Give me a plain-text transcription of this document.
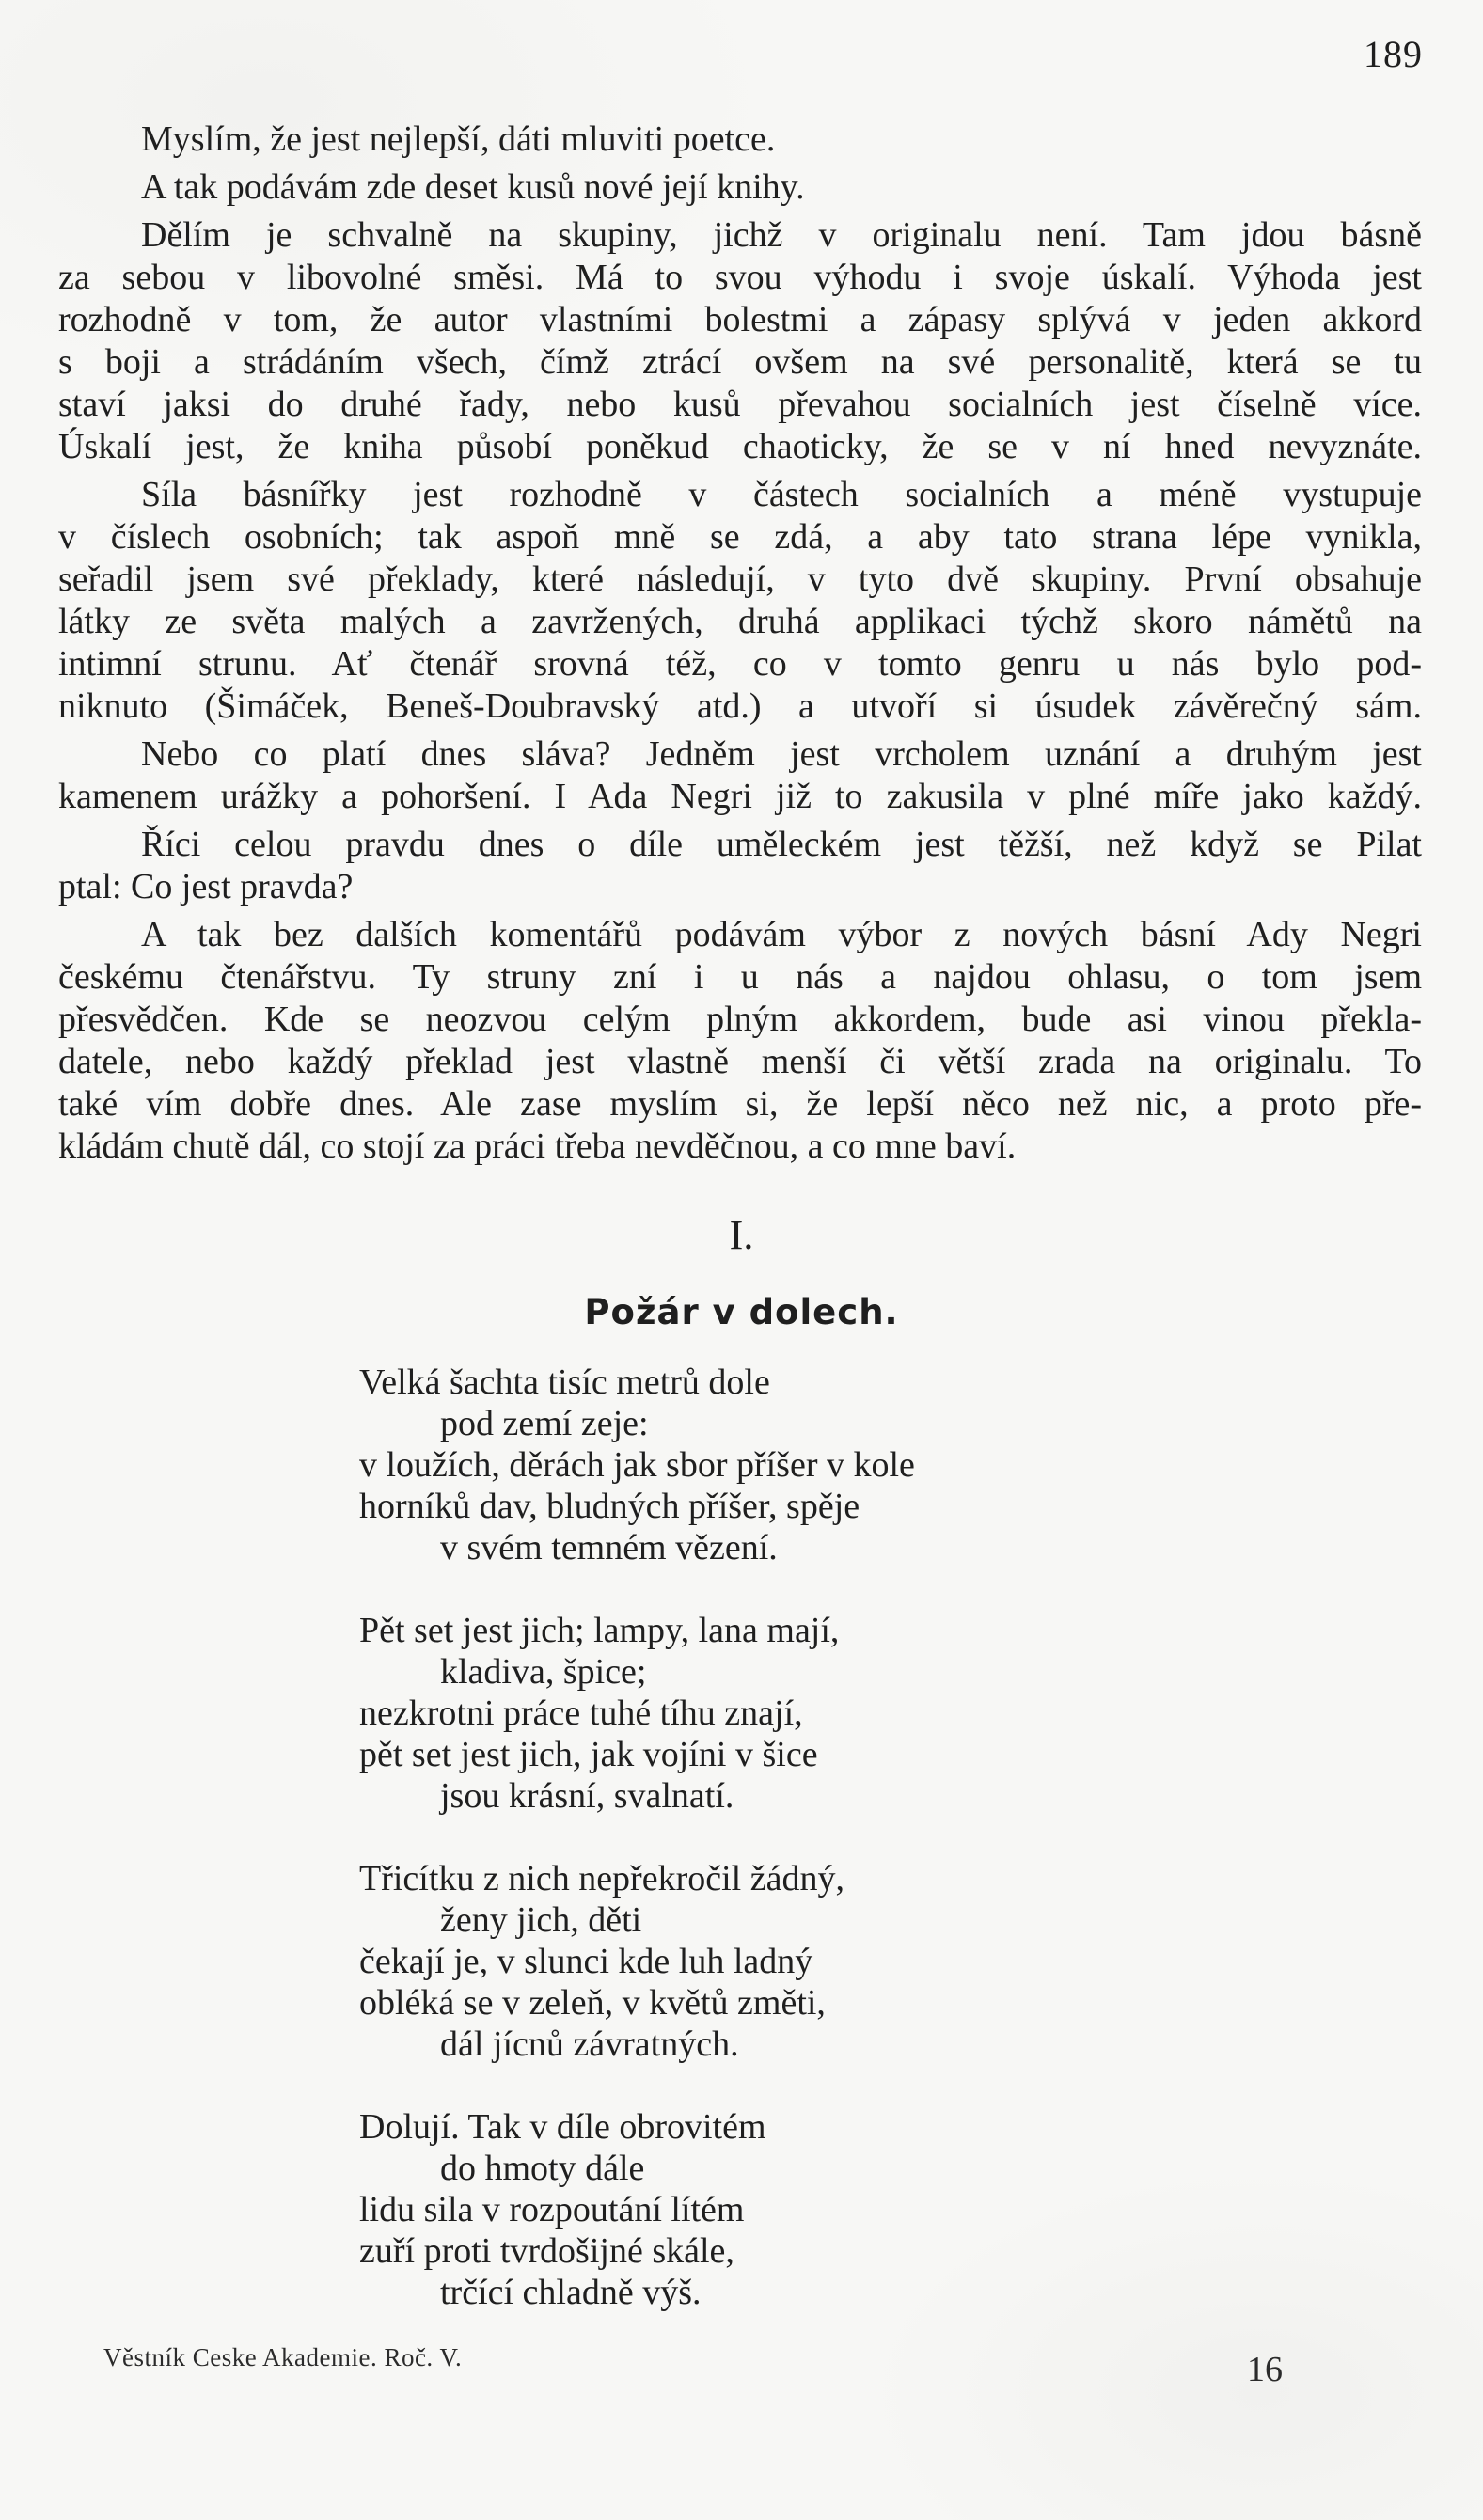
189
Myslím, že jest nejlepší, dáti mluviti poetce.
A tak podávám zde deset kusů nové její knihy.
Dělím je schvalně na skupiny, jichž v originalu není. Tam jdou básně
za sebou v libovolné směsi. Má to svou výhodu i svoje úskalí. Výhoda jest
rozhodně v tom, že autor vlastními bolestmi a zápasy splývá v jeden akkord
s boji a strádáním všech, čímž ztrácí ovšem na své personalitě, která se tu
staví jaksi do druhé řady, nebo kusů převahou socialních jest číselně více.
Úskalí jest, že kniha působí poněkud chaoticky, že se v ní hned nevyznáte.
Síla básnířky jest rozhodně v částech socialních a méně vystupuje
v číslech osobních; tak aspoň mně se zdá, a aby tato strana lépe vynikla,
seřadil jsem své překlady, které následují, v tyto dvě skupiny. První obsahuje
látky ze světa malých a zavržených, druhá applikaci týchž skoro námětů na
intimní strunu. Ať čtenář srovná též, co v tomto genru u nás bylo pod-
niknuto (Šimáček, Beneš-Doubravský atd.) a utvoří si úsudek závěrečný sám.
Nebo co platí dnes sláva? Jedněm jest vrcholem uznání a druhým jest
kamenem urážky a pohoršení. I Ada Negri již to zakusila v plné míře jako každý.
Říci celou pravdu dnes o díle uměleckém jest těžší, než když se Pilat
ptal: Co jest pravda?
A tak bez dalších komentářů podávám výbor z nových básní Ady Negri
českému čtenářstvu. Ty struny zní i u nás a najdou ohlasu, o tom jsem
přesvědčen. Kde se neozvou celým plným akkordem, bude asi vinou překla-
datele, nebo každý překlad jest vlastně menší či větší zrada na originalu. To
také vím dobře dnes. Ale zase myslím si, že lepší něco než nic, a proto pře-
kládám chutě dál, co stojí za práci třeba nevděčnou, a co mne baví.
I.
Požár v dolech.
Velká šachta tisíc metrů dole
pod zemí zeje:
v loužích, děrách jak sbor příšer v kole
horníků dav, bludných příšer, spěje
v svém temném vězení.
Pět set jest jich; lampy, lana mají,
kladiva, špice;
nezkrotni práce tuhé tíhu znají,
pět set jest jich, jak vojíni v šice
jsou krásní, svalnatí.
Třicítku z nich nepřekročil žádný,
ženy jich, děti
čekají je, v slunci kde luh ladný
obléká se v zeleň, v květů změti,
dál jícnů závratných.
Dolují. Tak v díle obrovitém
do hmoty dále
lidu sila v rozpoutání lítém
zuří proti tvrdošijné skále,
trčící chladně výš.
Věstník Ceske Akademie. Roč. V.	16
